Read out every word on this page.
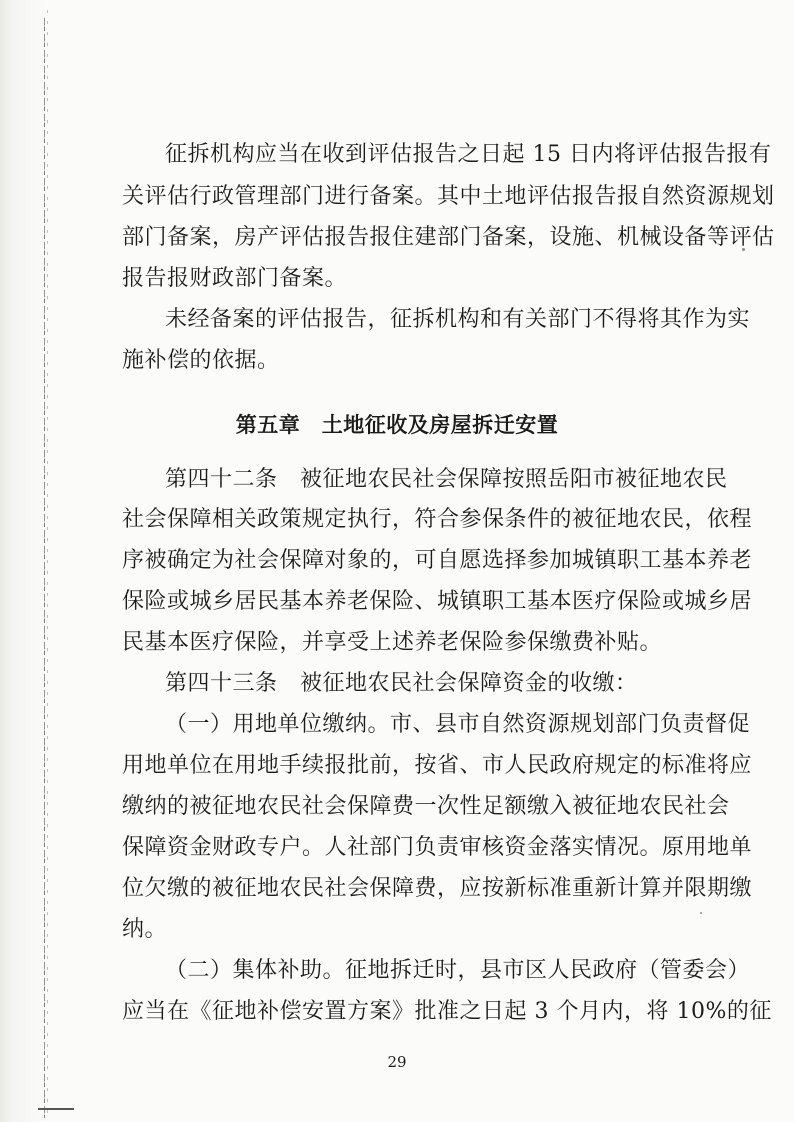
征拆机构应当在收到评估报告之日起 15 日内将评估报告报有

关评估行政管理部门进行备案。其中土地评估报告报自然资源规划

部门备案，房产评估报告报住建部门备案，设施、机械设备等评估

报告报财政部门备案。

未经备案的评估报告，征拆机构和有关部门不得将其作为实

施补偿的依据。

第五章　土地征收及房屋拆迁安置

第四十二条　被征地农民社会保障按照岳阳市被征地农民

社会保障相关政策规定执行，符合参保条件的被征地农民，依程

序被确定为社会保障对象的，可自愿选择参加城镇职工基本养老

保险或城乡居民基本养老保险、城镇职工基本医疗保险或城乡居

民基本医疗保险，并享受上述养老保险参保缴费补贴。

第四十三条　被征地农民社会保障资金的收缴：

（一）用地单位缴纳。市、县市自然资源规划部门负责督促

用地单位在用地手续报批前，按省、市人民政府规定的标准将应

缴纳的被征地农民社会保障费一次性足额缴入被征地农民社会

保障资金财政专户。人社部门负责审核资金落实情况。原用地单

位欠缴的被征地农民社会保障费，应按新标准重新计算并限期缴

纳。

（二）集体补助。征地拆迁时，县市区人民政府（管委会）

应当在《征地补偿安置方案》批准之日起 3 个月内，将 10%的征

29
